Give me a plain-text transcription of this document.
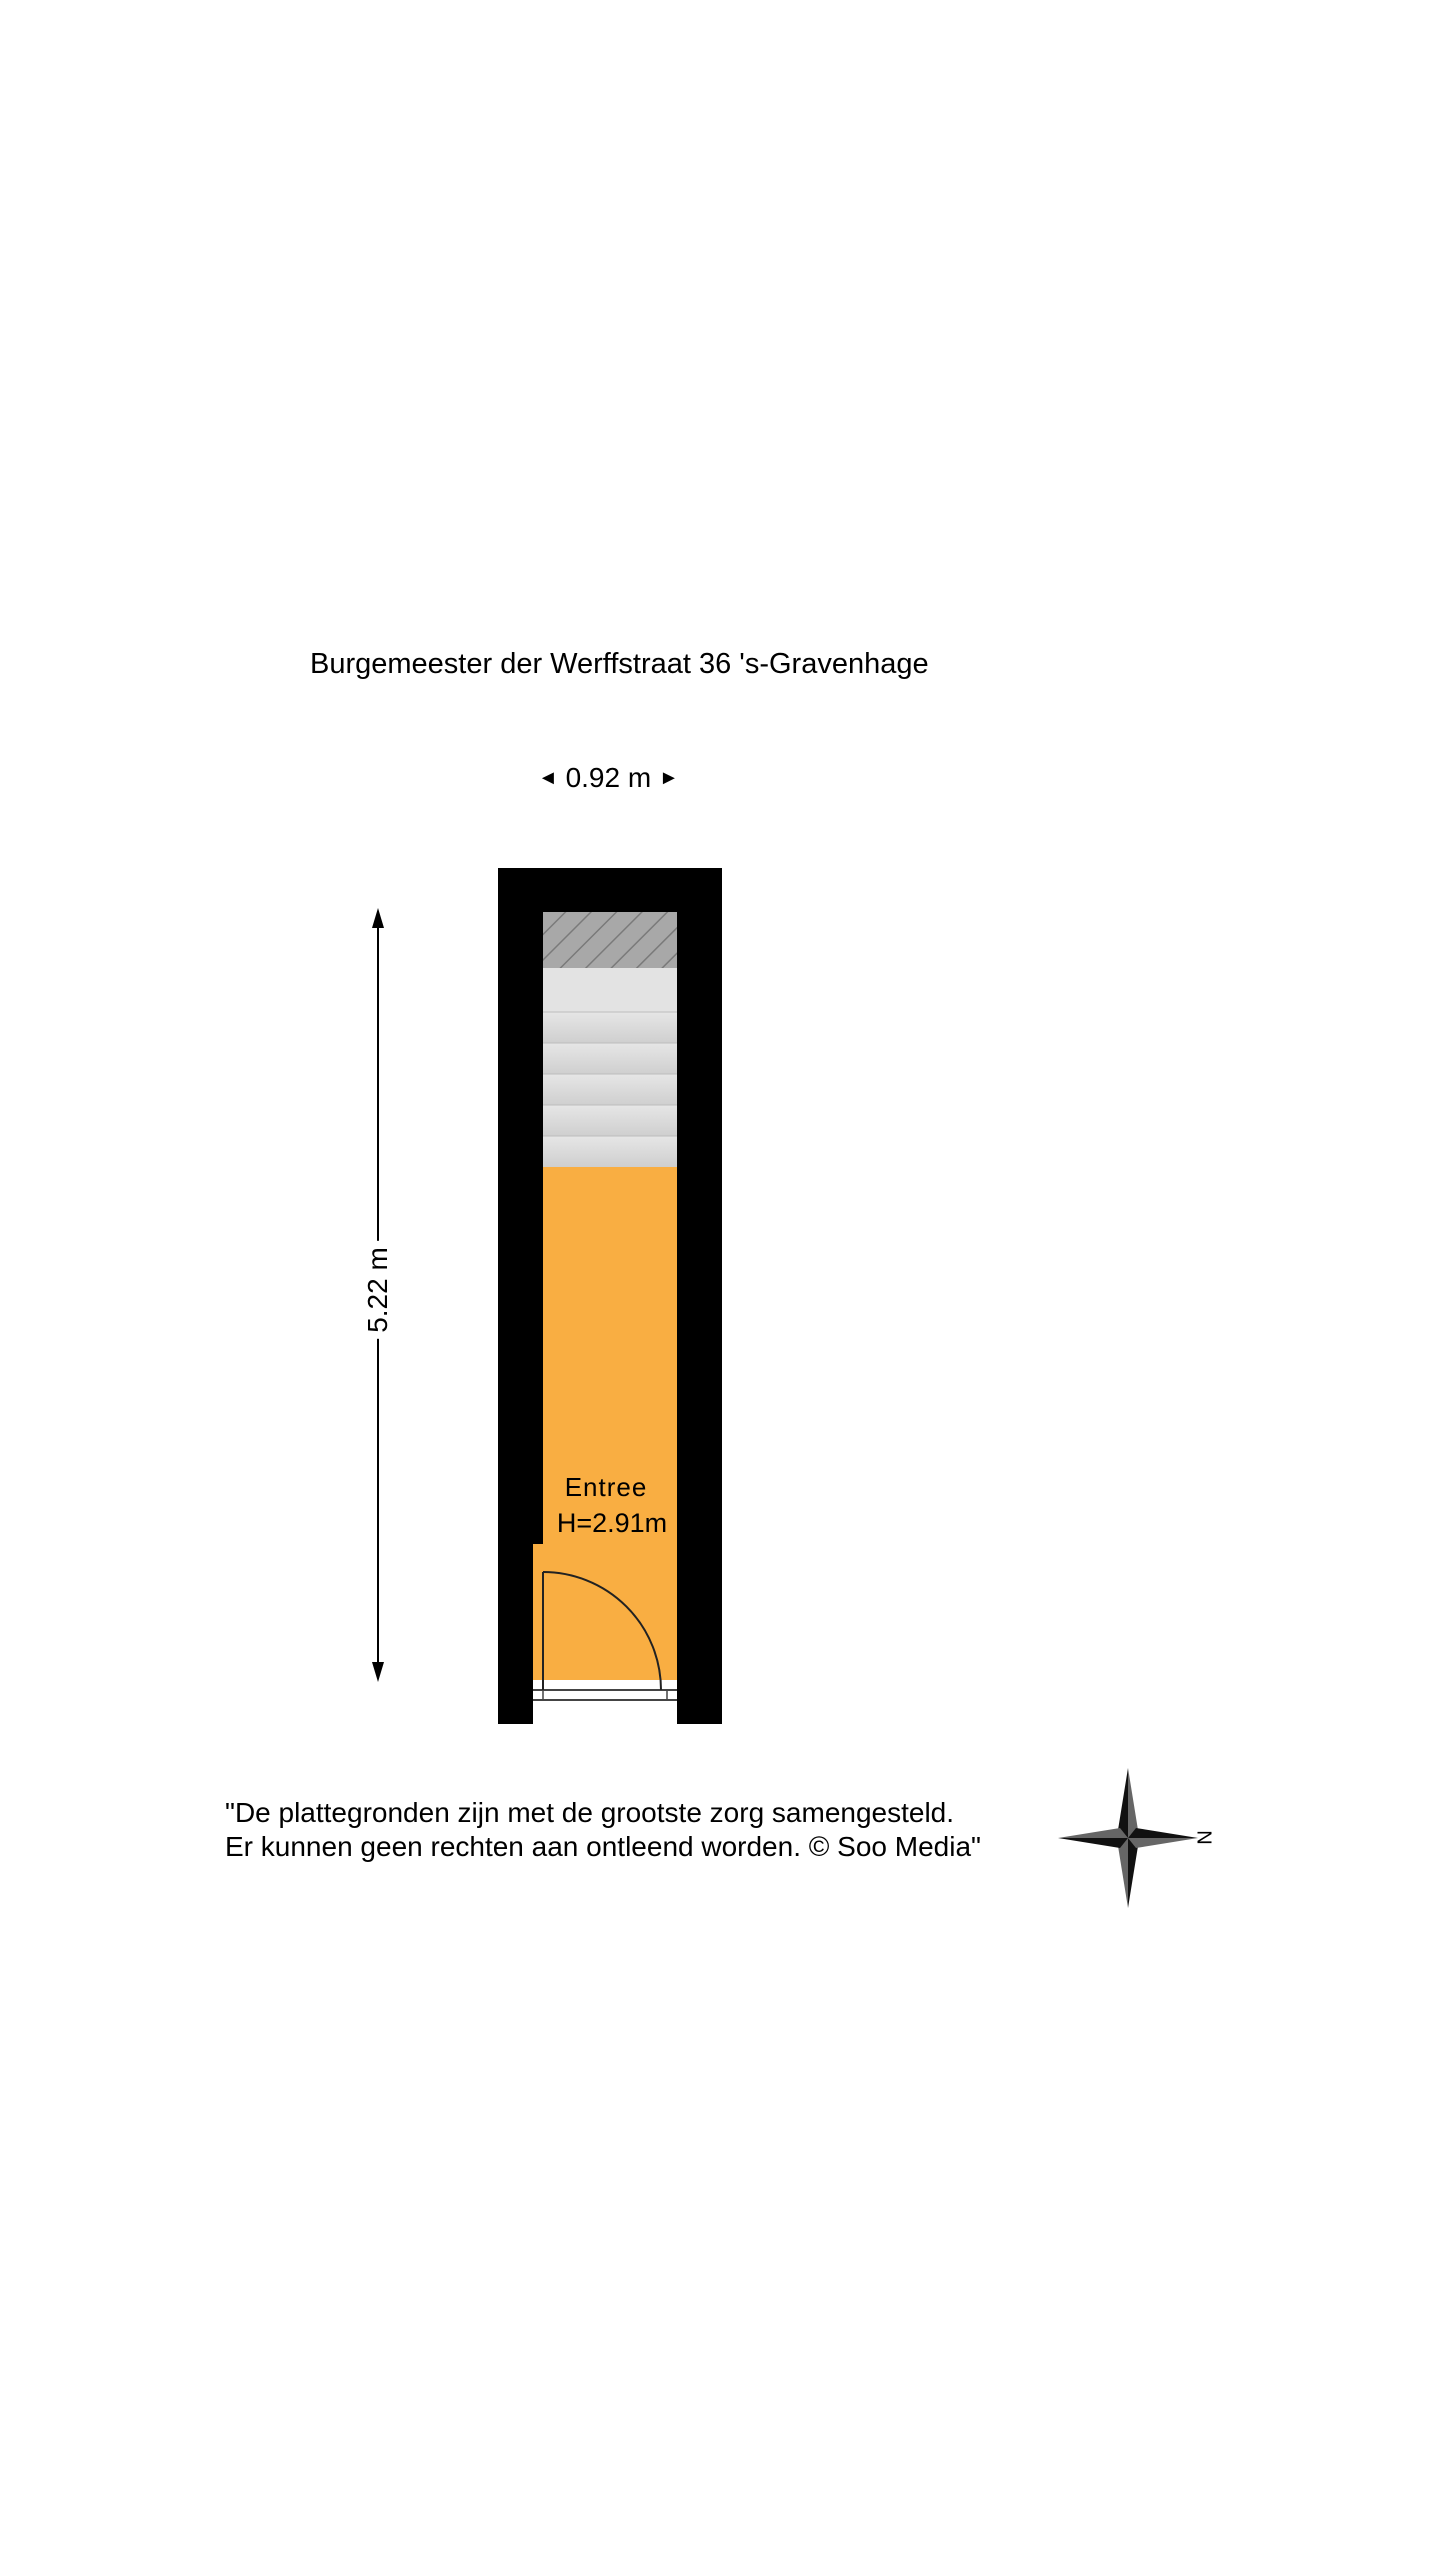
Burgemeester der Werffstraat 36 's-Gravenhage
◄ 0.92 m ►
5.22 m
Entree
H=2.91m
"De plattegronden zijn met de grootste zorg samengesteld.
Er kunnen geen rechten aan ontleend worden. © Soo Media"	N
